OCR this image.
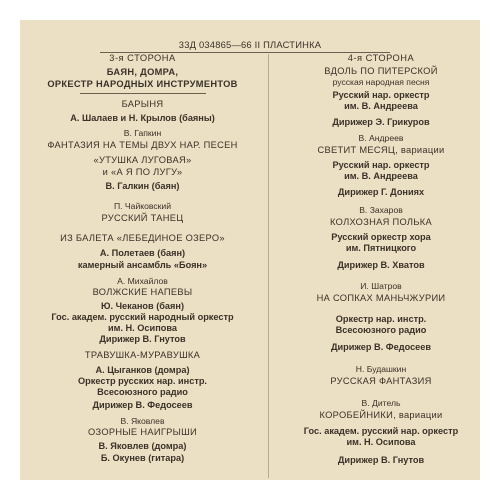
33Д 034865—66 II ПЛАСТИНКА
3-я СТОРОНА
БАЯН, ДОМРА,
ОРКЕСТР НАРОДНЫХ ИНСТРУМЕНТОВ
БАРЫНЯ
А. Шалаев и Н. Крылов (баяны)
В. Гапкин
ФАНТАЗИЯ НА ТЕМЫ ДВУХ НАР. ПЕСЕН
«УТУШКА ЛУГОВАЯ»
и «А Я ПО ЛУГУ»
В. Галкин (баян)
П. Чайковский
РУССКИЙ ТАНЕЦ
ИЗ БАЛЕТА «ЛЕБЕДИНОЕ ОЗЕРО»
А. Полетаев (баян)
камерный ансамбль «Боян»
А. Михайлов
ВОЛЖСКИЕ НАПЕВЫ
Ю. Чеканов (баян)
Гос. академ. русский народный оркестр
им. Н. Осипова
Дирижер В. Гнутов
ТРАВУШКА-МУРАВУШКА
А. Цыганков (домра)
Оркестр русских нар. инстр.
Всесоюзного радио
Дирижер В. Федосеев
В. Яковлев
ОЗОРНЫЕ НАИГРЫШИ
В. Яковлев (домра)
Б. Окунев (гитара)
4-я СТОРОНА
ВДОЛЬ ПО ПИТЕРСКОЙ
русская народная песня
Русский нар. оркестр
им. В. Андреева
Дирижер Э. Грикуров
В. Андреев
СВЕТИТ МЕСЯЦ, вариации
Русский нар. оркестр
им. В. Андреева
Дирижер Г. Донияx
В. Захаров
КОЛХОЗНАЯ ПОЛЬКА
Русский оркестр хора
им. Пятницкого
Дирижер В. Хватов
И. Шатров
НА СОПКАХ МАНЬЧЖУРИИ
Оркестр нар. инстр.
Всесоюзного радио
Дирижер В. Федосеев
Н. Будашкин
РУССКАЯ ФАНТАЗИЯ
В. Дитель
КОРОБЕЙНИКИ, вариации
Гос. академ. русский нар. оркестр
им. Н. Осипова
Дирижер В. Гнутов
